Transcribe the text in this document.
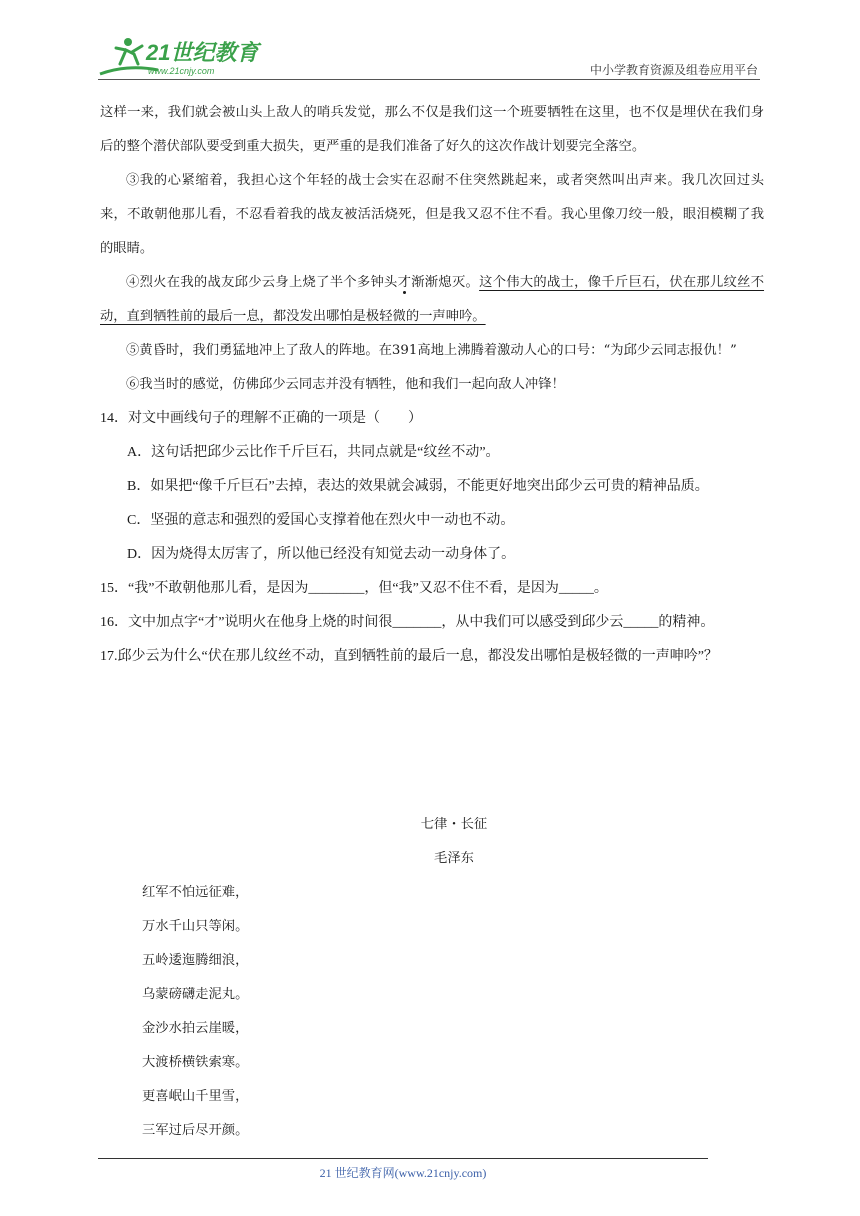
21世纪教育
www.21cnjy.com	中小学教育资源及组卷应用平台

这样一来，我们就会被山头上敌人的哨兵发觉，那么不仅是我们这一个班要牺牲在这里，也不仅是埋伏在我们身后的整个潜伏部队要受到重大损失，更严重的是我们准备了好久的这次作战计划要完全落空。

③我的心紧缩着，我担心这个年轻的战士会实在忍耐不住突然跳起来，或者突然叫出声来。我几次回过头来，不敢朝他那儿看，不忍看着我的战友被活活烧死，但是我又忍不住不看。我心里像刀绞一般，眼泪模糊了我的眼睛。

④烈火在我的战友邱少云身上烧了半个多钟头才渐渐熄灭。这个伟大的战士，像千斤巨石，伏在那儿纹丝不动，直到牺牲前的最后一息，都没发出哪怕是极轻微的一声呻吟。

⑤黄昏时，我们勇猛地冲上了敌人的阵地。在391高地上沸腾着激动人心的口号：“为邱少云同志报仇！”

⑥我当时的感觉，仿佛邱少云同志并没有牺牲，他和我们一起向敌人冲锋！

14．对文中画线句子的理解不正确的一项是（　　）

A．这句话把邱少云比作千斤巨石，共同点就是“纹丝不动”。

B．如果把“像千斤巨石”去掉，表达的效果就会减弱，不能更好地突出邱少云可贵的精神品质。

C．坚强的意志和强烈的爱国心支撑着他在烈火中一动也不动。

D．因为烧得太厉害了，所以他已经没有知觉去动一动身体了。

15．“我”不敢朝他那儿看，是因为________，但“我”又忍不住不看，是因为_____。

16．文中加点字“才”说明火在他身上烧的时间很_______，从中我们可以感受到邱少云_____的精神。

17.邱少云为什么“伏在那儿纹丝不动，直到牺牲前的最后一息，都没发出哪怕是极轻微的一声呻吟”？

七律・长征

毛泽东

红军不怕远征难，

万水千山只等闲。

五岭逶迤腾细浪，

乌蒙磅礴走泥丸。

金沙水拍云崖暖，

大渡桥横铁索寒。

更喜岷山千里雪，

三军过后尽开颜。

21 世纪教育网(www.21cnjy.com)
